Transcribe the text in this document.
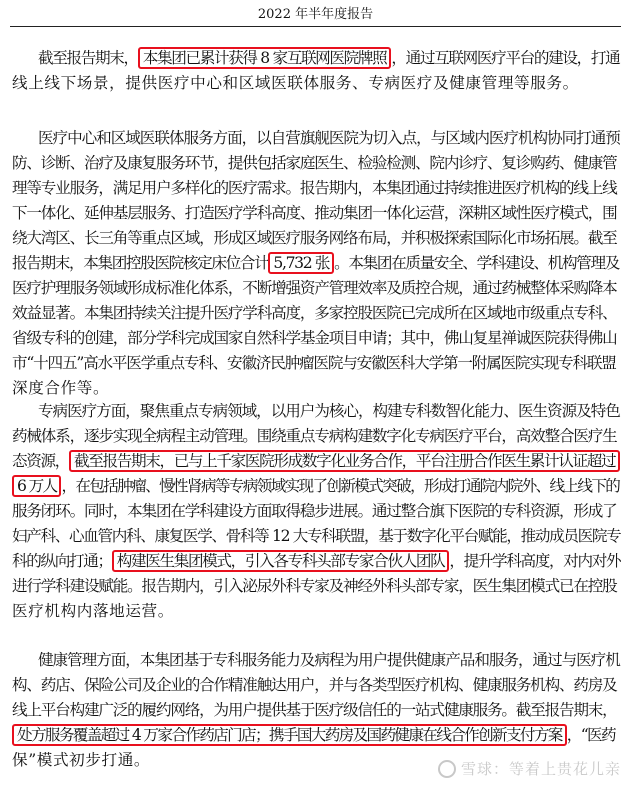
2022 年半年度报告
截至报告期末， 本集团已累计获得 8 家互联网医院牌照 ，通过互联网医疗平台的建设，打通
线上线下场景，提供医疗中心和区域医联体服务、专病医疗及健康管理等服务。
医疗中心和区域医联体服务方面，以自营旗舰医院为切入点，与区域内医疗机构协同打通预
防、诊断、治疗及康复服务环节，提供包括家庭医生、检验检测、院内诊疗、复诊购药、健康管
理等专业服务，满足用户多样化的医疗需求。报告期内，本集团通过持续推进医疗机构的线上线
下一体化、延伸基层服务、打造医疗学科高度、推动集团一体化运营，深耕区域性医疗模式，围
绕大湾区、长三角等重点区域，形成区域医疗服务网络布局，并积极探索国际化市场拓展。截至
报告期末，本集团控股医院核定床位合计 5,732 张 。本集团在质量安全、学科建设、机构管理及
医疗护理服务领域形成标准化体系，不断增强资产管理效率及质控合规，通过药械整体采购降本
效益显著。本集团持续关注提升医疗学科高度，多家控股医院已完成所在区域地市级重点专科、
省级专科的创建，部分学科完成国家自然科学基金项目申请；其中，佛山复星禅诚医院获得佛山
市“十四五”高水平医学重点专科、安徽济民肿瘤医院与安徽医科大学第一附属医院实现专科联盟
深度合作等。
专病医疗方面，聚焦重点专病领域，以用户为核心，构建专科数智化能力、医生资源及特色
药械体系，逐步实现全病程主动管理。围绕重点专病构建数字化专病医疗平台，高效整合医疗生
态资源， 截至报告期末，已与上千家医院形成数字化业务合作，平台注册合作医生累计认证超过
6 万人 ，在包括肿瘤、慢性肾病等专病领域实现了创新模式突破，形成打通院内院外、线上线下的
服务闭环。同时，本集团在学科建设方面取得稳步进展。通过整合旗下医院的专科资源，形成了
妇产科、心血管内科、康复医学、骨科等 12 大专科联盟，基于数字化平台赋能，推动成员医院专
科的纵向打通； 构建医生集团模式，引入各专科头部专家合伙人团队 ，提升学科高度，对内对外
进行学科建设赋能。报告期内，引入泌尿外科专家及神经外科头部专家，医生集团模式已在控股
医疗机构内落地运营。
健康管理方面，本集团基于专科服务能力及病程为用户提供健康产品和服务，通过与医疗机
构、药店、保险公司及企业的合作精准触达用户，并与各类型医疗机构、健康服务机构、药房及
线上平台构建广泛的履约网络，为用户提供基于医疗级信任的一站式健康服务。截至报告期末，
处方服务覆盖超过 4 万家合作药店门店；携手国大药房及国药健康在线合作创新支付方案 ，“医药
保”模式初步打通。	雪球：等着上贵花儿亲
